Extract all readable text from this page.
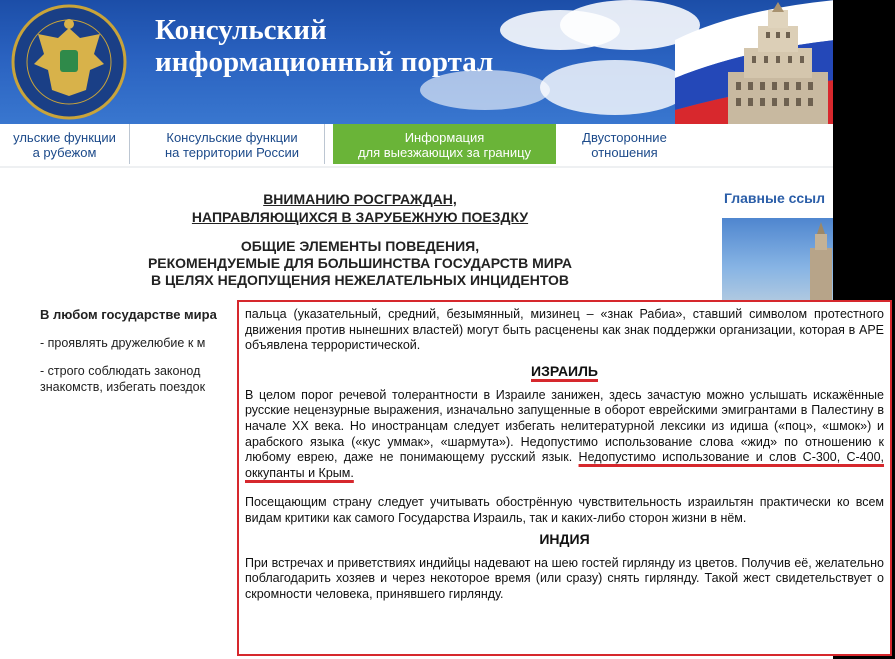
Консульский
информационный портал
ульские функции
а рубежом
Консульские функции
на территории России
Информация
для выезжающих за границу
Двусторонние
отношения
ВНИМАНИЮ РОСГРАЖДАН,
НАПРАВЛЯЮЩИХСЯ В ЗАРУБЕЖНУЮ ПОЕЗДКУ
ОБЩИЕ ЭЛЕМЕНТЫ ПОВЕДЕНИЯ,
РЕКОМЕНДУЕМЫЕ ДЛЯ БОЛЬШИНСТВА ГОСУДАРСТВ МИРА
В ЦЕЛЯХ НЕДОПУЩЕНИЯ НЕЖЕЛАТЕЛЬНЫХ ИНЦИДЕНТОВ
В любом государстве мира
- проявлять дружелюбие к м
- строго соблюдать законод
знакомств, избегать поездок
Главные ссыл

пальца (указательный, средний, безымянный, мизинец – «знак Рабиа», ставший символом протестного движения против нынешних властей) могут быть расценены как знак поддержки организации, которая в АРЕ объявлена террористической.

ИЗРАИЛЬ

В целом порог речевой толерантности в Израиле занижен, здесь зачастую можно услышать искажённые русские нецензурные выражения, изначально запущенные в оборот еврейскими эмигрантами в Палестину в начале XX века. Но иностранцам следует избегать нелитературной лексики из идиша («поц», «шмок») и арабского языка («кус уммак», «шармута»). Недопустимо использование слова «жид» по отношению к любому еврею, даже не понимающему русский язык. Недопустимо использование и слов С-300, С-400, оккупанты и Крым.

Посещающим страну следует учитывать обострённую чувствительность израильтян практически ко всем видам критики как самого Государства Израиль, так и каких-либо сторон жизни в нём.

ИНДИЯ

При встречах и приветствиях индийцы надевают на шею гостей гирлянду из цветов. Получив её, желательно поблагодарить хозяев и через некоторое время (или сразу) снять гирлянду. Такой жест свидетельствует о скромности человека, принявшего гирлянду.
